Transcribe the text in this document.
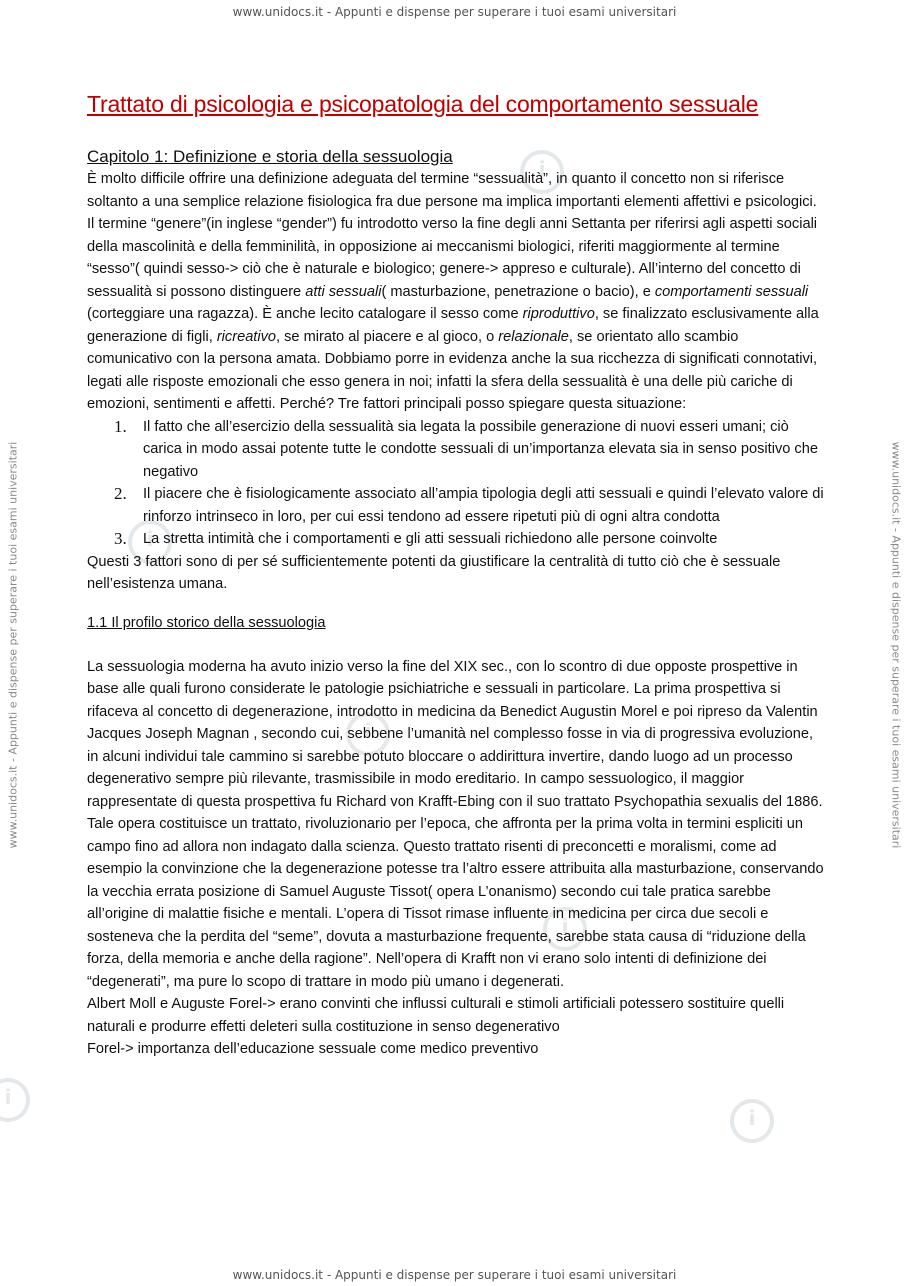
www.unidocs.it - Appunti e dispense per superare i tuoi esami universitari
www.unidocs.it - Appunti e dispense per superare i tuoi esami universitari
www.unidocs.it - Appunti e dispense per superare i tuoi esami universitari	www.unidocs.it - Appunti e dispense per superare i tuoi esami universitari
i
i
i
i
i
i
Trattato di psicologia e psicopatologia del comportamento sessuale
Capitolo 1: Definizione e storia della sessuologia

È molto difficile offrire una definizione adeguata del termine “sessualità”, in quanto il concetto non si riferisce soltanto a una semplice relazione fisiologica fra due persone ma implica importanti elementi affettivi e psicologici. Il termine “genere”(in inglese “gender”) fu introdotto verso la fine degli anni Settanta per riferirsi agli aspetti sociali della mascolinità e della femminilità, in opposizione ai meccanismi biologici, riferiti maggiormente al termine “sesso”( quindi sesso-> ciò che è naturale e biologico; genere-> appreso e culturale). All’interno del concetto di sessualità si possono distinguere atti sessuali( masturbazione, penetrazione o bacio), e comportamenti sessuali (corteggiare una ragazza). È anche lecito catalogare il sesso come riproduttivo, se finalizzato esclusivamente alla generazione di figli, ricreativo, se mirato al piacere e al gioco, o relazionale, se orientato allo scambio comunicativo con la persona amata. Dobbiamo porre in evidenza anche la sua ricchezza di significati connotativi, legati alle risposte emozionali che esso genera in noi; infatti la sfera della sessualità è una delle più cariche di emozioni, sentimenti e affetti. Perché? Tre fattori principali posso spiegare questa situazione:

1. Il fatto che all’esercizio della sessualità sia legata la possibile generazione di nuovi esseri umani; ciò carica in modo assai potente tutte le condotte sessuali di un’importanza elevata sia in senso positivo che negativo
2. Il piacere che è fisiologicamente associato all’ampia tipologia degli atti sessuali e quindi l’elevato valore di rinforzo intrinseco in loro, per cui essi tendono ad essere ripetuti più di ogni altra condotta
3. La stretta intimità che i comportamenti e gli atti sessuali richiedono alle persone coinvolte

Questi 3 fattori sono di per sé sufficientemente potenti da giustificare la centralità di tutto ciò che è sessuale nell’esistenza umana.

1.1 Il profilo storico della sessuologia

La sessuologia moderna ha avuto inizio verso la fine del XIX sec., con lo scontro di due opposte prospettive in base alle quali furono considerate le patologie psichiatriche e sessuali in particolare. La prima prospettiva si rifaceva al concetto di degenerazione, introdotto in medicina da Benedict Augustin Morel e poi ripreso da Valentin Jacques Joseph Magnan , secondo cui, sebbene l’umanità nel complesso fosse in via di progressiva evoluzione, in alcuni individui tale cammino si sarebbe potuto bloccare o addirittura invertire, dando luogo ad un processo degenerativo sempre più rilevante, trasmissibile in modo ereditario. In campo sessuologico, il maggior rappresentate di questa prospettiva fu Richard von Krafft-Ebing con il suo trattato Psychopathia sexualis del 1886. Tale opera costituisce un trattato, rivoluzionario per l’epoca, che affronta per la prima volta in termini espliciti un campo fino ad allora non indagato dalla scienza. Questo trattato risenti di preconcetti e moralismi, come ad esempio la convinzione che la degenerazione potesse tra l’altro essere attribuita alla masturbazione, conservando la vecchia errata posizione di Samuel Auguste Tissot( opera L’onanismo) secondo cui tale pratica sarebbe all’origine di malattie fisiche e mentali. L’opera di Tissot rimase influente in medicina per circa due secoli e sosteneva che la perdita del “seme”, dovuta a masturbazione frequente, sarebbe stata causa di “riduzione della forza, della memoria e anche della ragione”. Nell’opera di Krafft non vi erano solo intenti di definizione dei “degenerati”, ma pure lo scopo di trattare in modo più umano i degenerati.

Albert Moll e Auguste Forel-> erano convinti che influssi culturali e stimoli artificiali potessero sostituire quelli naturali e produrre effetti deleteri sulla costituzione in senso degenerativo

Forel-> importanza dell’educazione sessuale come medico preventivo
